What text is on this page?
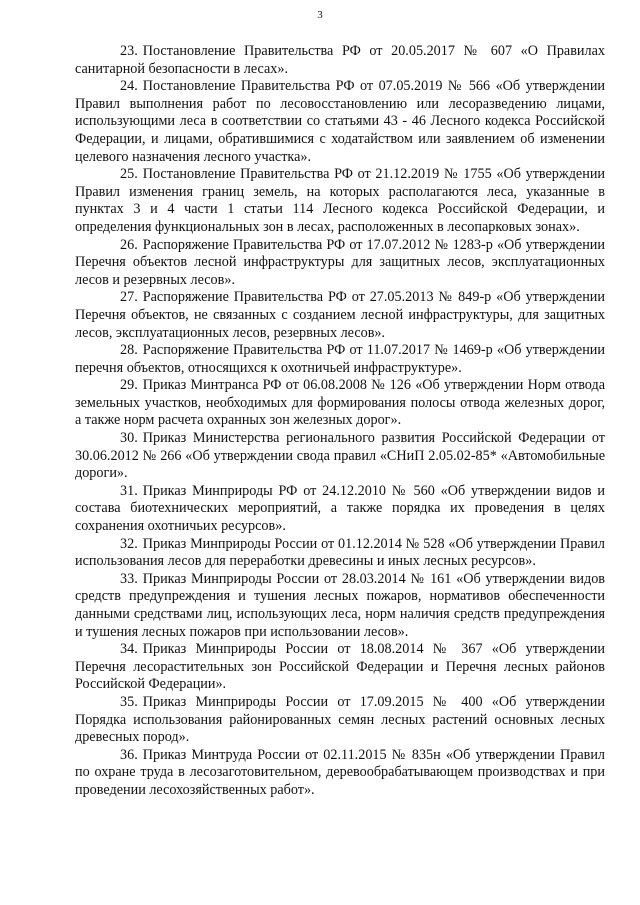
3

23. Постановление Правительства РФ от 20.05.2017 № 607 «О Правилах санитарной безопасности в лесах».

24. Постановление Правительства РФ от 07.05.2019 № 566 «Об утверждении Правил выполнения работ по лесовосстановлению или лесоразведению лицами, использующими леса в соответствии со статьями 43 - 46 Лесного кодекса Российской Федерации, и лицами, обратившимися с ходатайством или заявлением об изменении целевого назначения лесного участка».

25. Постановление Правительства РФ от 21.12.2019 № 1755 «Об утверждении Правил изменения границ земель, на которых располагаются леса, указанные в пунктах 3 и 4 части 1 статьи 114 Лесного кодекса Российской Федерации, и определения функциональных зон в лесах, расположенных в лесопарковых зонах».

26. Распоряжение Правительства РФ от 17.07.2012 № 1283-р «Об утверждении Перечня объектов лесной инфраструктуры для защитных лесов, эксплуатационных лесов и резервных лесов».

27. Распоряжение Правительства РФ от 27.05.2013 № 849-р «Об утверждении Перечня объектов, не связанных с созданием лесной инфраструктуры, для защитных лесов, эксплуатационных лесов, резервных лесов».

28. Распоряжение Правительства РФ от 11.07.2017 № 1469-р «Об утверждении перечня объектов, относящихся к охотничьей инфраструктуре».

29. Приказ Минтранса РФ от 06.08.2008 № 126 «Об утверждении Норм отвода земельных участков, необходимых для формирования полосы отвода железных дорог, а также норм расчета охранных зон железных дорог».

30. Приказ Министерства регионального развития Российской Федерации от 30.06.2012 № 266 «Об утверждении свода правил «СНиП 2.05.02-85* «Автомобильные дороги».

31. Приказ Минприроды РФ от 24.12.2010 № 560 «Об утверждении видов и состава биотехнических мероприятий, а также порядка их проведения в целях сохранения охотничьих ресурсов».

32. Приказ Минприроды России от 01.12.2014 № 528 «Об утверждении Правил использования лесов для переработки древесины и иных лесных ресурсов».

33. Приказ Минприроды России от 28.03.2014 № 161 «Об утверждении видов средств предупреждения и тушения лесных пожаров, нормативов обеспеченности данными средствами лиц, использующих леса, норм наличия средств предупреждения и тушения лесных пожаров при использовании лесов».

34. Приказ Минприроды России от 18.08.2014 № 367 «Об утверждении Перечня лесорастительных зон Российской Федерации и Перечня лесных районов Российской Федерации».

35. Приказ Минприроды России от 17.09.2015 № 400 «Об утверждении Порядка использования районированных семян лесных растений основных лесных древесных пород».

36. Приказ Минтруда России от 02.11.2015 № 835н «Об утверждении Правил по охране труда в лесозаготовительном, деревообрабатывающем производствах и при проведении лесохозяйственных работ».
